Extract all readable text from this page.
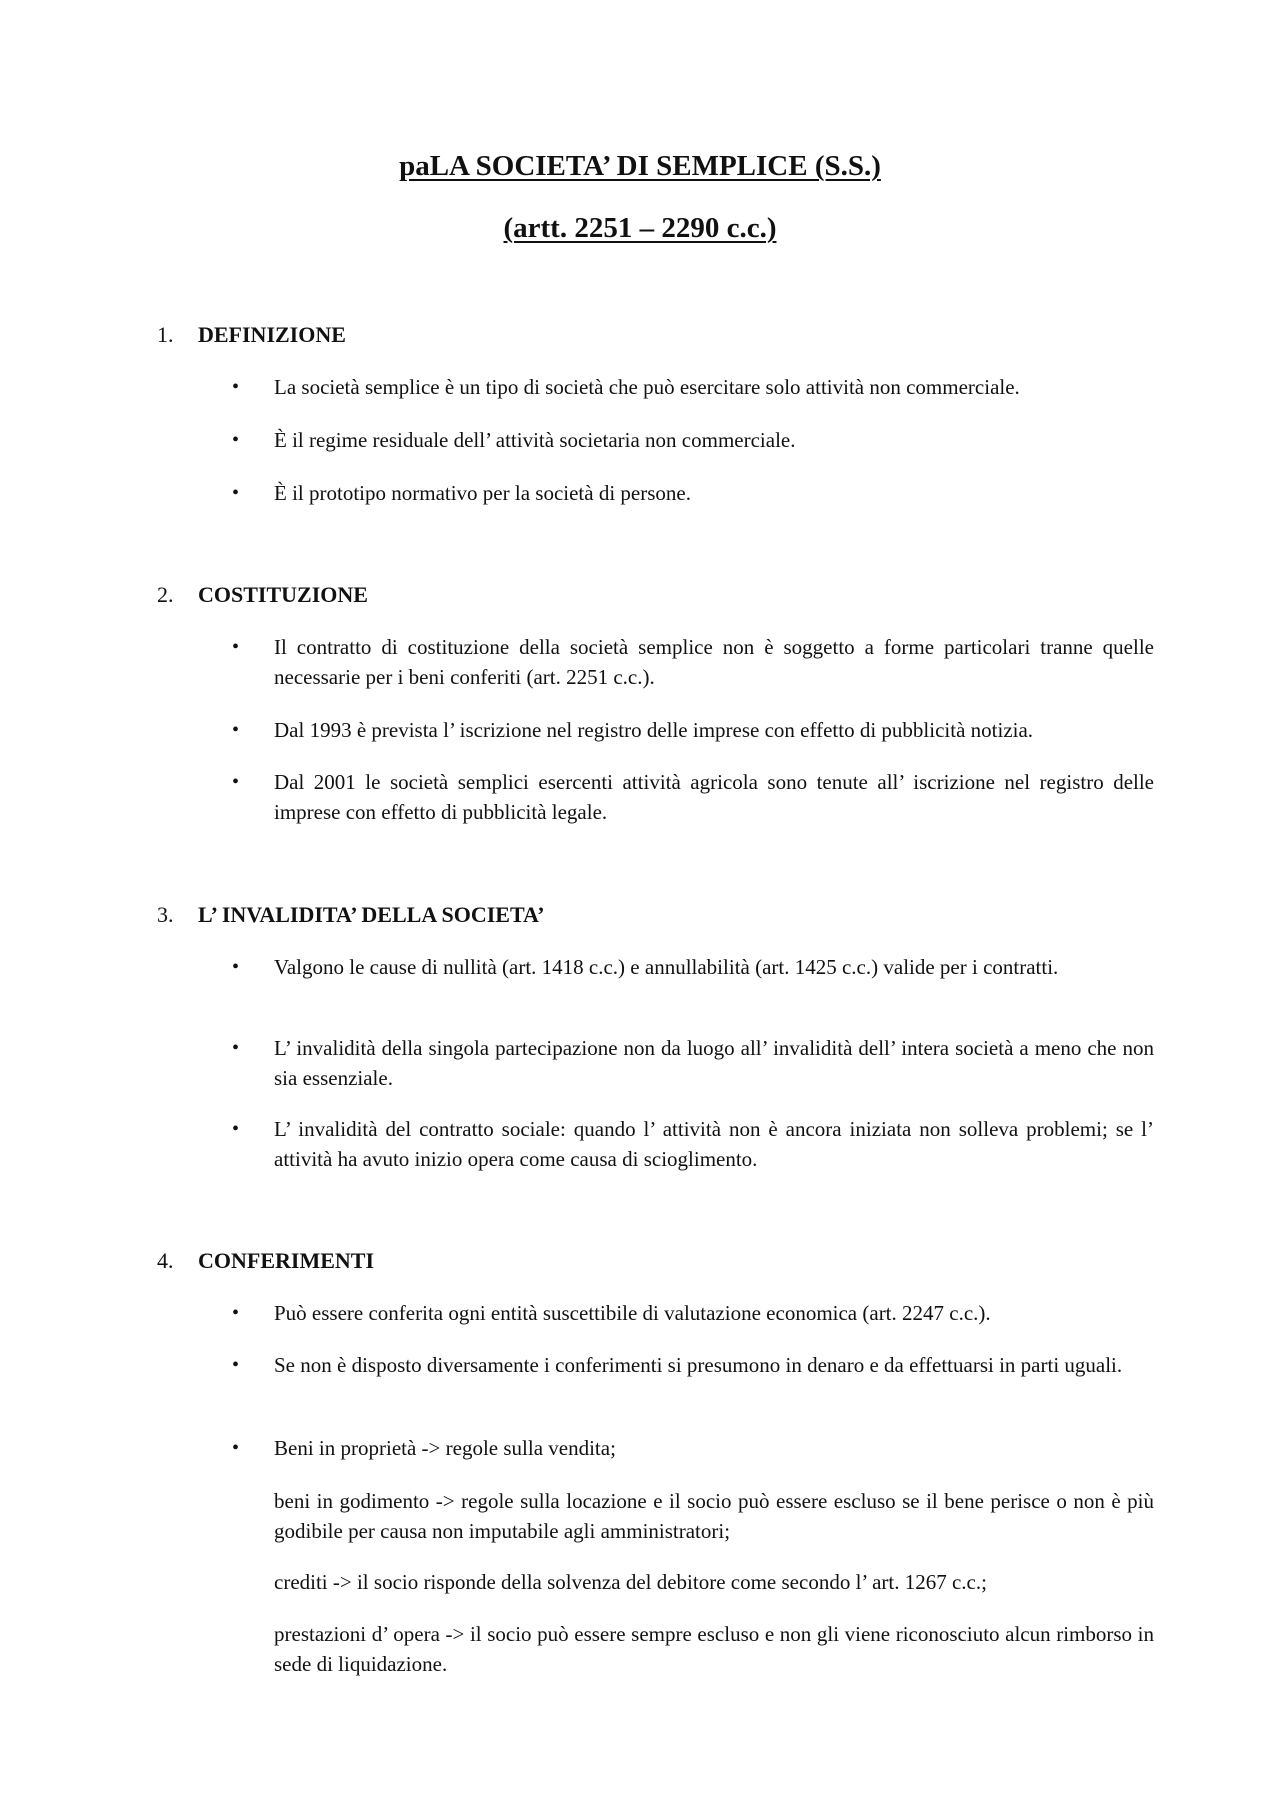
paLA SOCIETA’ DI SEMPLICE (S.S.)
(artt. 2251 – 2290 c.c.)
1. DEFINIZIONE
• La società semplice è un tipo di società che può esercitare solo attività non commerciale.
• È il regime residuale dell’ attività societaria non commerciale.
• È il prototipo normativo per la società di persone.
2. COSTITUZIONE
• Il contratto di costituzione della società semplice non è soggetto a forme particolari tranne quelle necessarie per i beni conferiti (art. 2251 c.c.).
• Dal 1993 è prevista l’ iscrizione nel registro delle imprese con effetto di pubblicità notizia.
• Dal 2001 le società semplici esercenti attività agricola sono tenute all’ iscrizione nel registro delle imprese con effetto di pubblicità legale.
3. L’ INVALIDITA’ DELLA SOCIETA’
• Valgono le cause di nullità (art. 1418 c.c.) e annullabilità (art. 1425 c.c.) valide per i contratti.
• L’ invalidità della singola partecipazione non da luogo all’ invalidità dell’ intera società a meno che non sia essenziale.
• L’ invalidità del contratto sociale: quando l’ attività non è ancora iniziata non solleva problemi; se l’ attività ha avuto inizio opera come causa di scioglimento.
4. CONFERIMENTI
• Può essere conferita ogni entità suscettibile di valutazione economica (art. 2247 c.c.).
• Se non è disposto diversamente i conferimenti si presumono in denaro e da effettuarsi in parti uguali.
• Beni in proprietà -> regole sulla vendita;
beni in godimento -> regole sulla locazione e il socio può essere escluso se il bene perisce o non è più godibile per causa non imputabile agli amministratori;
crediti -> il socio risponde della solvenza del debitore come secondo l’ art. 1267 c.c.;
prestazioni d’ opera -> il socio può essere sempre escluso e non gli viene riconosciuto alcun rimborso in sede di liquidazione.
